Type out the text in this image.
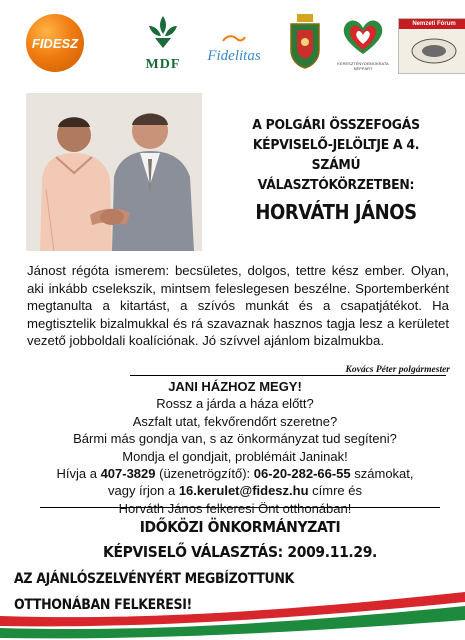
FIDESZ
MDF
Fidelitas	KERESZTÉNYDEMOKRATA NÉPPÁRT
Nemzeti Fórum
A POLGÁRI ÖSSZEFOGÁS
KÉPVISELŐ-JELÖLTJE A 4. SZÁMÚ
VÁLASZTÓKÖRZETBEN:
HORVÁTH JÁNOS
Jánost régóta ismerem: becsületes, dolgos, tettre kész ember. Olyan, aki inkább cselekszik, mintsem feleslegesen beszélne. Sportemberként megtanulta a kitartást, a szívós munkát és a csapatjátékot. Ha megtisztelik bizalmukkal és rá szavaznak hasznos tagja lesz a kerületet vezető jobboldali koalíciónak. Jó szívvel ajánlom bizalmukba.
Kovács Péter polgármester
JANI HÁZHOZ MEGY!
Rossz a járda a háza előtt?
Aszfalt utat, fekvőrendőrt szeretne?
Bármi más gondja van, s az önkormányzat tud segíteni?
Mondja el gondjait, problémáit Janinak!
Hívja a 407-3829 (üzenetrögzítő): 06-20-282-66-55 számokat,
vagy írjon a 16.kerulet@fidesz.hu címre és
Horváth János felkeresi Önt otthonában!
IDŐKÖZI ÖNKORMÁNYZATI
KÉPVISELŐ VÁLASZTÁS: 2009.11.29.
AZ AJÁNLÓSZELVÉNYÉRT MEGBÍZOTTUNK
OTTHONÁBAN FELKERESI!
